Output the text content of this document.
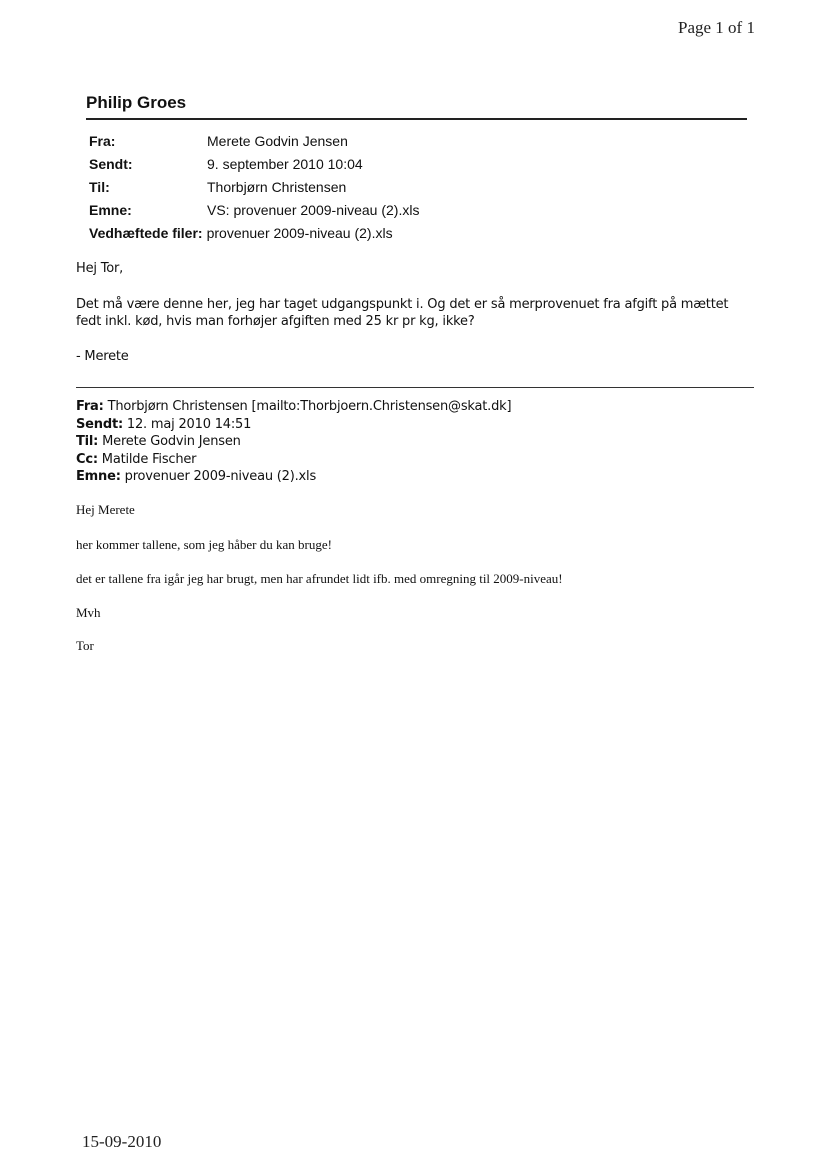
Page 1 of 1
Philip Groes
Fra:	Merete Godvin Jensen
Sendt:	9. september 2010 10:04
Til:	Thorbjørn Christensen
Emne:	VS: provenuer 2009-niveau (2).xls
Vedhæftede filer: provenuer 2009-niveau (2).xls
Hej Tor,
Det må være denne her, jeg har taget udgangspunkt i. Og det er så merprovenuet fra afgift på mættet fedt inkl. kød, hvis man forhøjer afgiften med 25 kr pr kg, ikke?
- Merete
Fra: Thorbjørn Christensen [mailto:Thorbjoern.Christensen@skat.dk]
Sendt: 12. maj 2010 14:51
Til: Merete Godvin Jensen
Cc: Matilde Fischer
Emne: provenuer 2009-niveau (2).xls
Hej Merete
her kommer tallene, som jeg håber du kan bruge!
det er tallene fra igår jeg har brugt, men har afrundet lidt ifb. med omregning til 2009-niveau!
Mvh
Tor
15-09-2010
